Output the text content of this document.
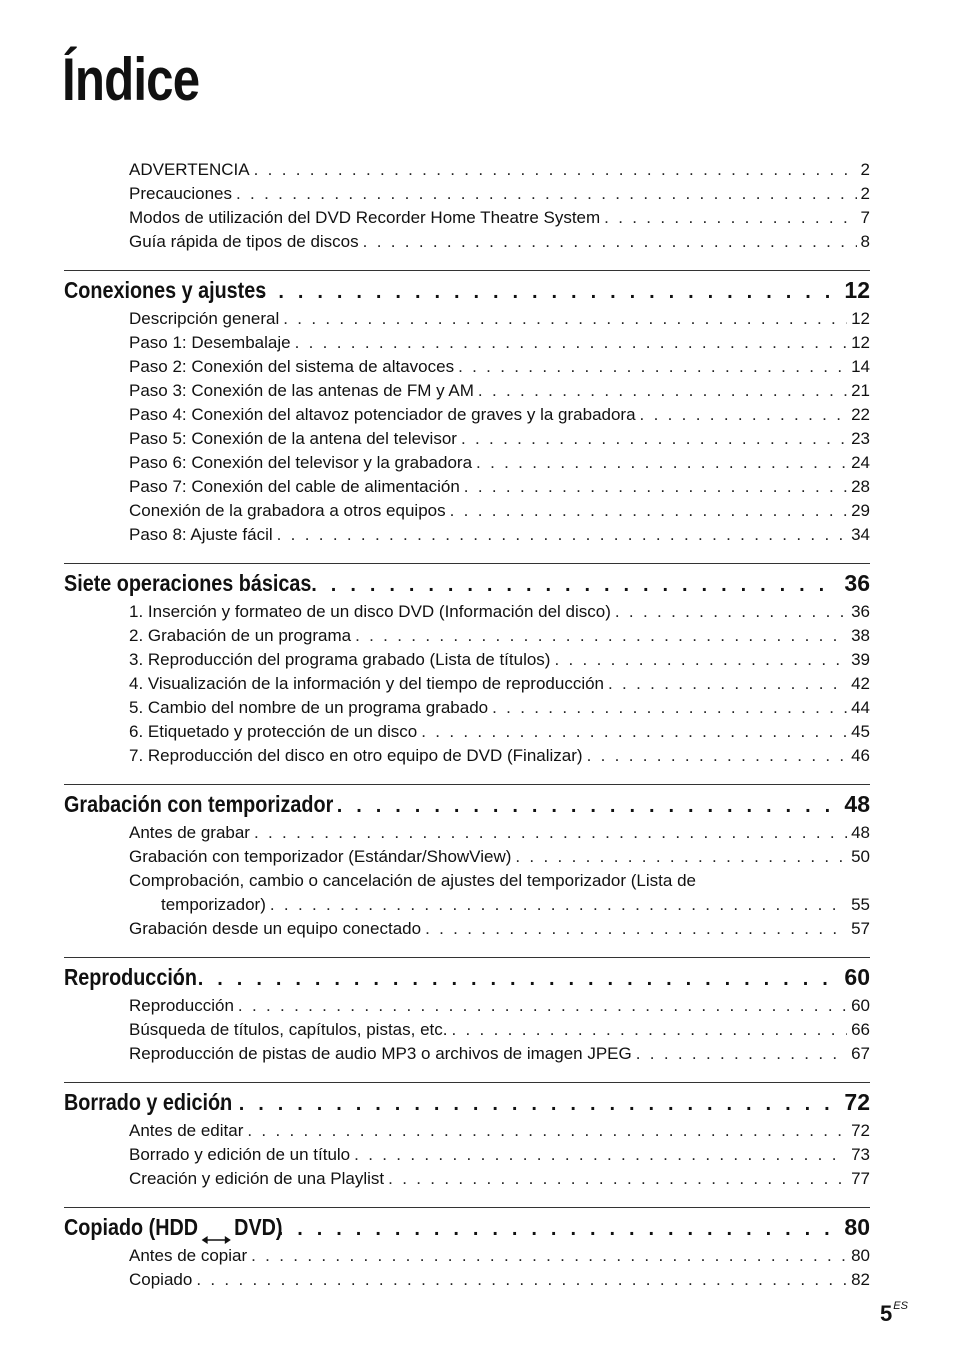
Índice
ADVERTENCIA . . .	2
Precauciones . . .	2
Modos de utilización del DVD Recorder Home Theatre System . . .	7
Guía rápida de tipos de discos . . .	8
Conexiones y ajustes . . .	12
Descripción general . . .	12
Paso 1: Desembalaje . . .	12
Paso 2: Conexión del sistema de altavoces . . .	14
Paso 3: Conexión de las antenas de FM y AM . . .	21
Paso 4: Conexión del altavoz potenciador de graves y la grabadora . . .	22
Paso 5: Conexión de la antena del televisor . . .	23
Paso 6: Conexión del televisor y la grabadora . . .	24
Paso 7: Conexión del cable de alimentación . . .	28
Conexión de la grabadora a otros equipos . . .	29
Paso 8: Ajuste fácil . . .	34
Siete operaciones básicas . . .	36
1. Inserción y formateo de un disco DVD (Información del disco) . . .	36
2. Grabación de un programa . . .	38
3. Reproducción del programa grabado (Lista de títulos) . . .	39
4. Visualización de la información y del tiempo de reproducción . . .	42
5. Cambio del nombre de un programa grabado . . .	44
6. Etiquetado y protección de un disco . . .	45
7. Reproducción del disco en otro equipo de DVD (Finalizar) . . .	46
Grabación con temporizador . . .	48
Antes de grabar . . .	48
Grabación con temporizador (Estándar/ShowView) . . .	50
Comprobación, cambio o cancelación de ajustes del temporizador (Lista de
temporizador) . . .	55
Grabación desde un equipo conectado . . .	57
Reproducción . . .	60
Reproducción . . .	60
Búsqueda de títulos, capítulos, pistas, etc. . . .	66
Reproducción de pistas de audio MP3 o archivos de imagen JPEG . . .	67
Borrado y edición . . .	72
Antes de editar . . .	72
Borrado y edición de un título . . .	73
Creación y edición de una Playlist . . .	77
Copiado (HDD DVD) . . .	80
Antes de copiar . . .	80
Copiado . . .	82
$5^{ES}$
